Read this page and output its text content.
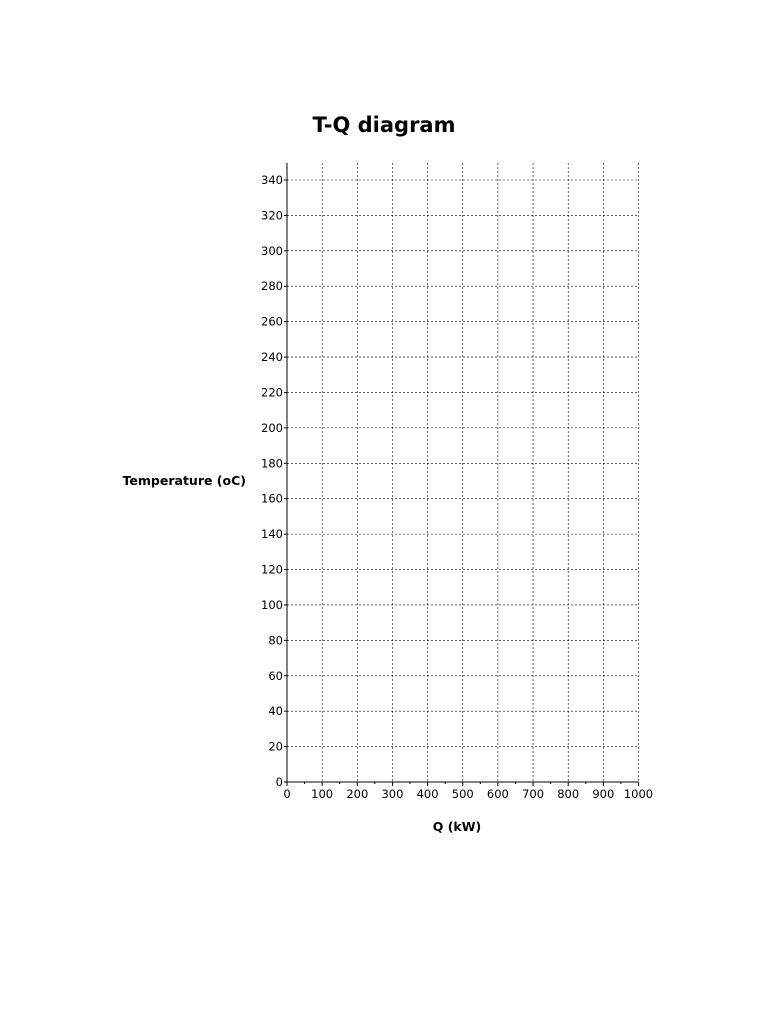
T-Q diagram
Temperature (oC)
Q (kW)
0 100 200 300 400 500 600 700 800 900 1000
0
20
40
60
80
100
120
140
160
180
200
220
240
260
280
300
320
340
